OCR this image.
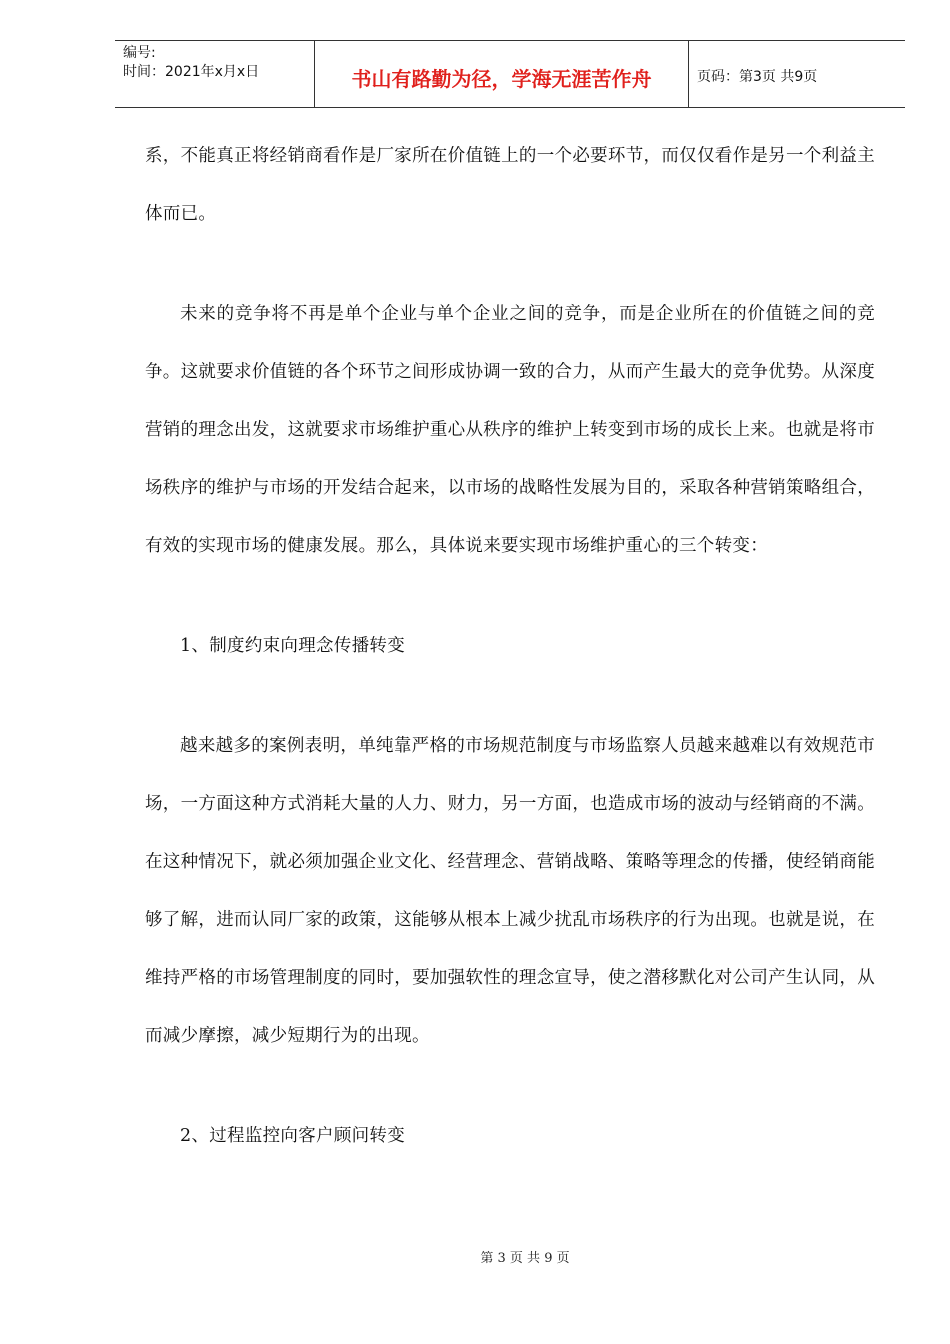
编号:
时间：2021年x月x日	书山有路勤为径，学海无涯苦作舟	页码：第3页 共9页

系，不能真正将经销商看作是厂家所在价值链上的一个必要环节，而仅仅看作是另一个利益主体而已。

未来的竞争将不再是单个企业与单个企业之间的竞争，而是企业所在的价值链之间的竞争。这就要求价值链的各个环节之间形成协调一致的合力，从而产生最大的竞争优势。从深度营销的理念出发，这就要求市场维护重心从秩序的维护上转变到市场的成长上来。也就是将市场秩序的维护与市场的开发结合起来，以市场的战略性发展为目的，采取各种营销策略组合，有效的实现市场的健康发展。那么，具体说来要实现市场维护重心的三个转变：

1、制度约束向理念传播转变

越来越多的案例表明，单纯靠严格的市场规范制度与市场监察人员越来越难以有效规范市场，一方面这种方式消耗大量的人力、财力，另一方面，也造成市场的波动与经销商的不满。在这种情况下，就必须加强企业文化、经营理念、营销战略、策略等理念的传播，使经销商能够了解，进而认同厂家的政策，这能够从根本上减少扰乱市场秩序的行为出现。也就是说，在维持严格的市场管理制度的同时，要加强软性的理念宣导，使之潜移默化对公司产生认同，从而减少摩擦，减少短期行为的出现。

2、过程监控向客户顾问转变

第 3 页 共 9 页
